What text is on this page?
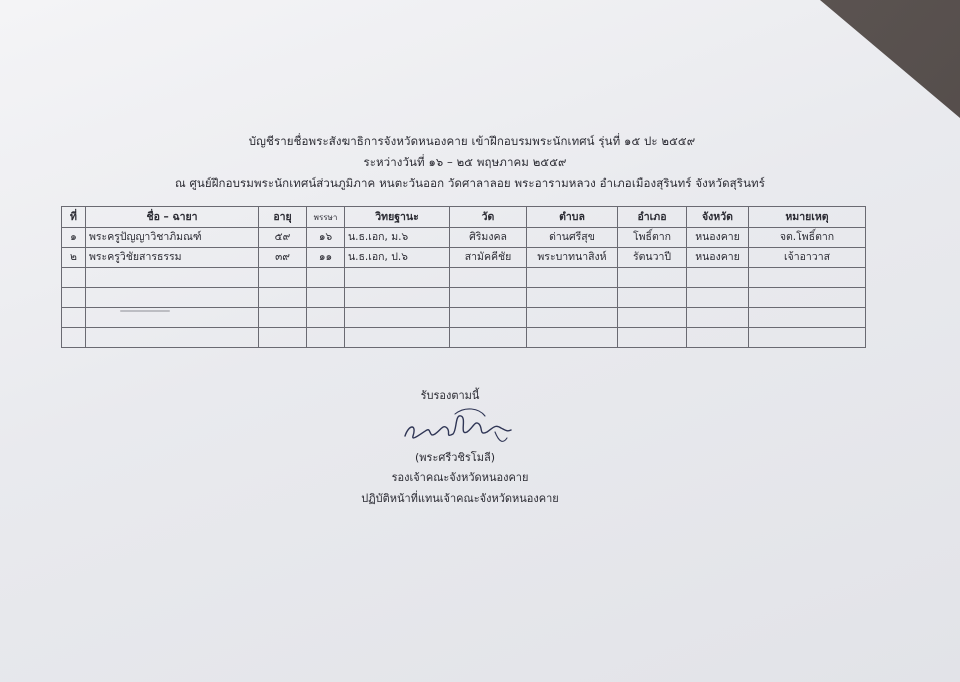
บัญชีรายชื่อพระสังฆาธิการจังหวัดหนองคาย เข้าฝึกอบรมพระนักเทศน์ รุ่นที่ ๑๕ ปะ ๒๕๕๙
ระหว่างวันที่ ๑๖ – ๒๕ พฤษภาคม ๒๕๕๙
ณ ศูนย์ฝึกอบรมพระนักเทศน์ส่วนภูมิภาค หนตะวันออก วัดศาลาลอย พระอารามหลวง อำเภอเมืองสุรินทร์ จังหวัดสุรินทร์
ที่	ชื่อ – ฉายา	อายุ	พรรษา	วิทยฐานะ	วัด	ตำบล	อำเภอ	จังหวัด	หมายเหตุ
๑	พระครูปัญญาวิชาภิมณฑ์	๕๙	๑๖	น.ธ.เอก, ม.๖	ศิริมงคล	ด่านศรีสุข	โพธิ์ตาก	หนองคาย	จต.โพธิ์ตาก
๒	พระครูวิชัยสารธรรม	๓๙	๑๑	น.ธ.เอก, ป.๖	สามัคคีชัย	พระบาทนาสิงห์	รัตนวาปี	หนองคาย	เจ้าอาวาส

รับรองตามนี้
(พระศรีวชิรโมลี)
รองเจ้าคณะจังหวัดหนองคาย
ปฏิบัติหน้าที่แทนเจ้าคณะจังหวัดหนองคาย
